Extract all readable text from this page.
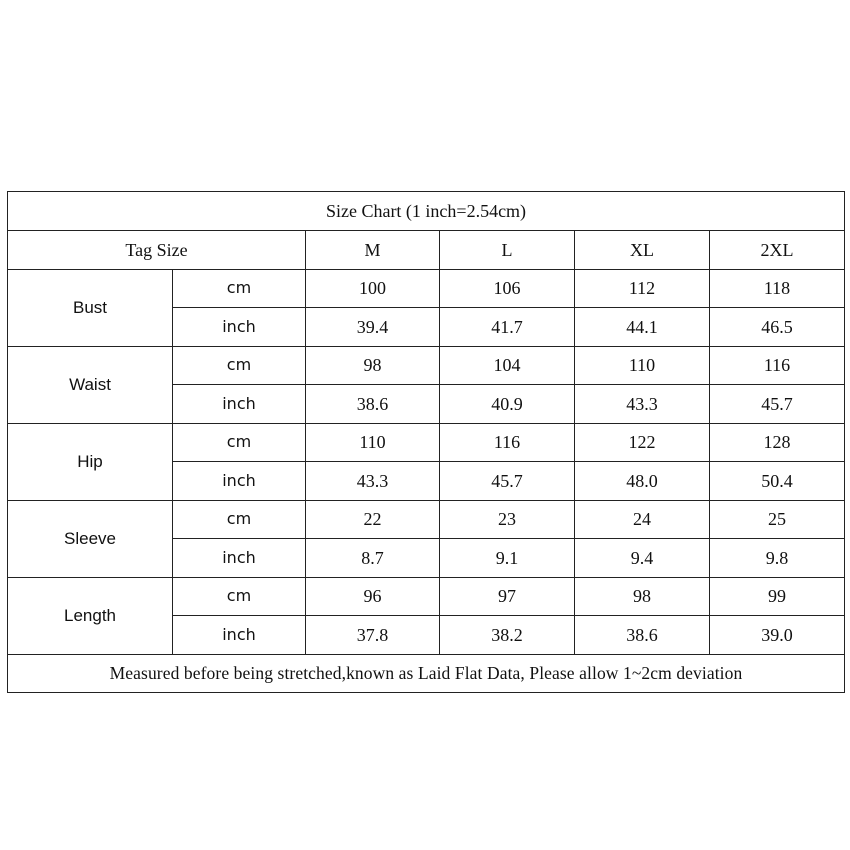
Size Chart (1 inch=2.54cm)					
Tag Size		M	L	XL	2XL
Bust	cm	100	106	112	118
	inch	39.4	41.7	44.1	46.5
Waist	cm	98	104	110	116
	inch	38.6	40.9	43.3	45.7
Hip	cm	110	116	122	128
	inch	43.3	45.7	48.0	50.4
Sleeve	cm	22	23	24	25
	inch	8.7	9.1	9.4	9.8
Length	cm	96	97	98	99
	inch	37.8	38.2	38.6	39.0
Measured before being stretched,known as Laid Flat Data, Please allow 1~2cm deviation					
